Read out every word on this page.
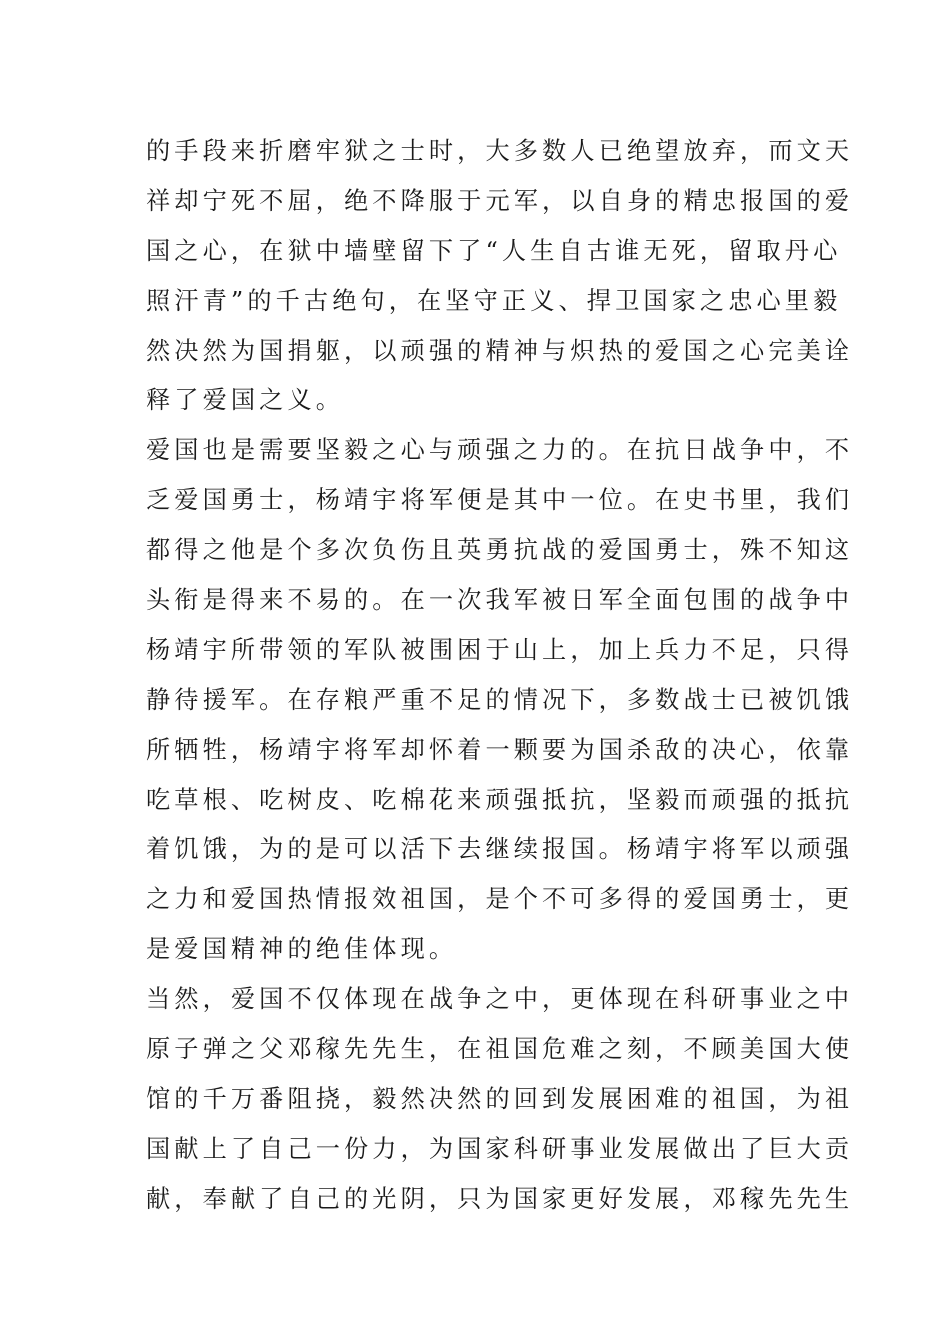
的手段来折磨牢狱之士时，大多数人已绝望放弃，而文天
祥却宁死不屈，绝不降服于元军，以自身的精忠报国的爱
国之心，在狱中墙壁留下了“人生自古谁无死，留取丹心
照汗青”的千古绝句，在坚守正义、捍卫国家之忠心里毅
然决然为国捐躯，以顽强的精神与炽热的爱国之心完美诠
释了爱国之义。
爱国也是需要坚毅之心与顽强之力的。在抗日战争中，不
乏爱国勇士，杨靖宇将军便是其中一位。在史书里，我们
都得之他是个多次负伤且英勇抗战的爱国勇士，殊不知这
头衔是得来不易的。在一次我军被日军全面包围的战争中
杨靖宇所带领的军队被围困于山上，加上兵力不足，只得
静待援军。在存粮严重不足的情况下，多数战士已被饥饿
所牺牲，杨靖宇将军却怀着一颗要为国杀敌的决心，依靠
吃草根、吃树皮、吃棉花来顽强抵抗，坚毅而顽强的抵抗
着饥饿，为的是可以活下去继续报国。杨靖宇将军以顽强
之力和爱国热情报效祖国，是个不可多得的爱国勇士，更
是爱国精神的绝佳体现。
当然，爱国不仅体现在战争之中，更体现在科研事业之中
原子弹之父邓稼先先生，在祖国危难之刻，不顾美国大使
馆的千万番阻挠，毅然决然的回到发展困难的祖国，为祖
国献上了自己一份力，为国家科研事业发展做出了巨大贡
献，奉献了自己的光阴，只为国家更好发展，邓稼先先生
